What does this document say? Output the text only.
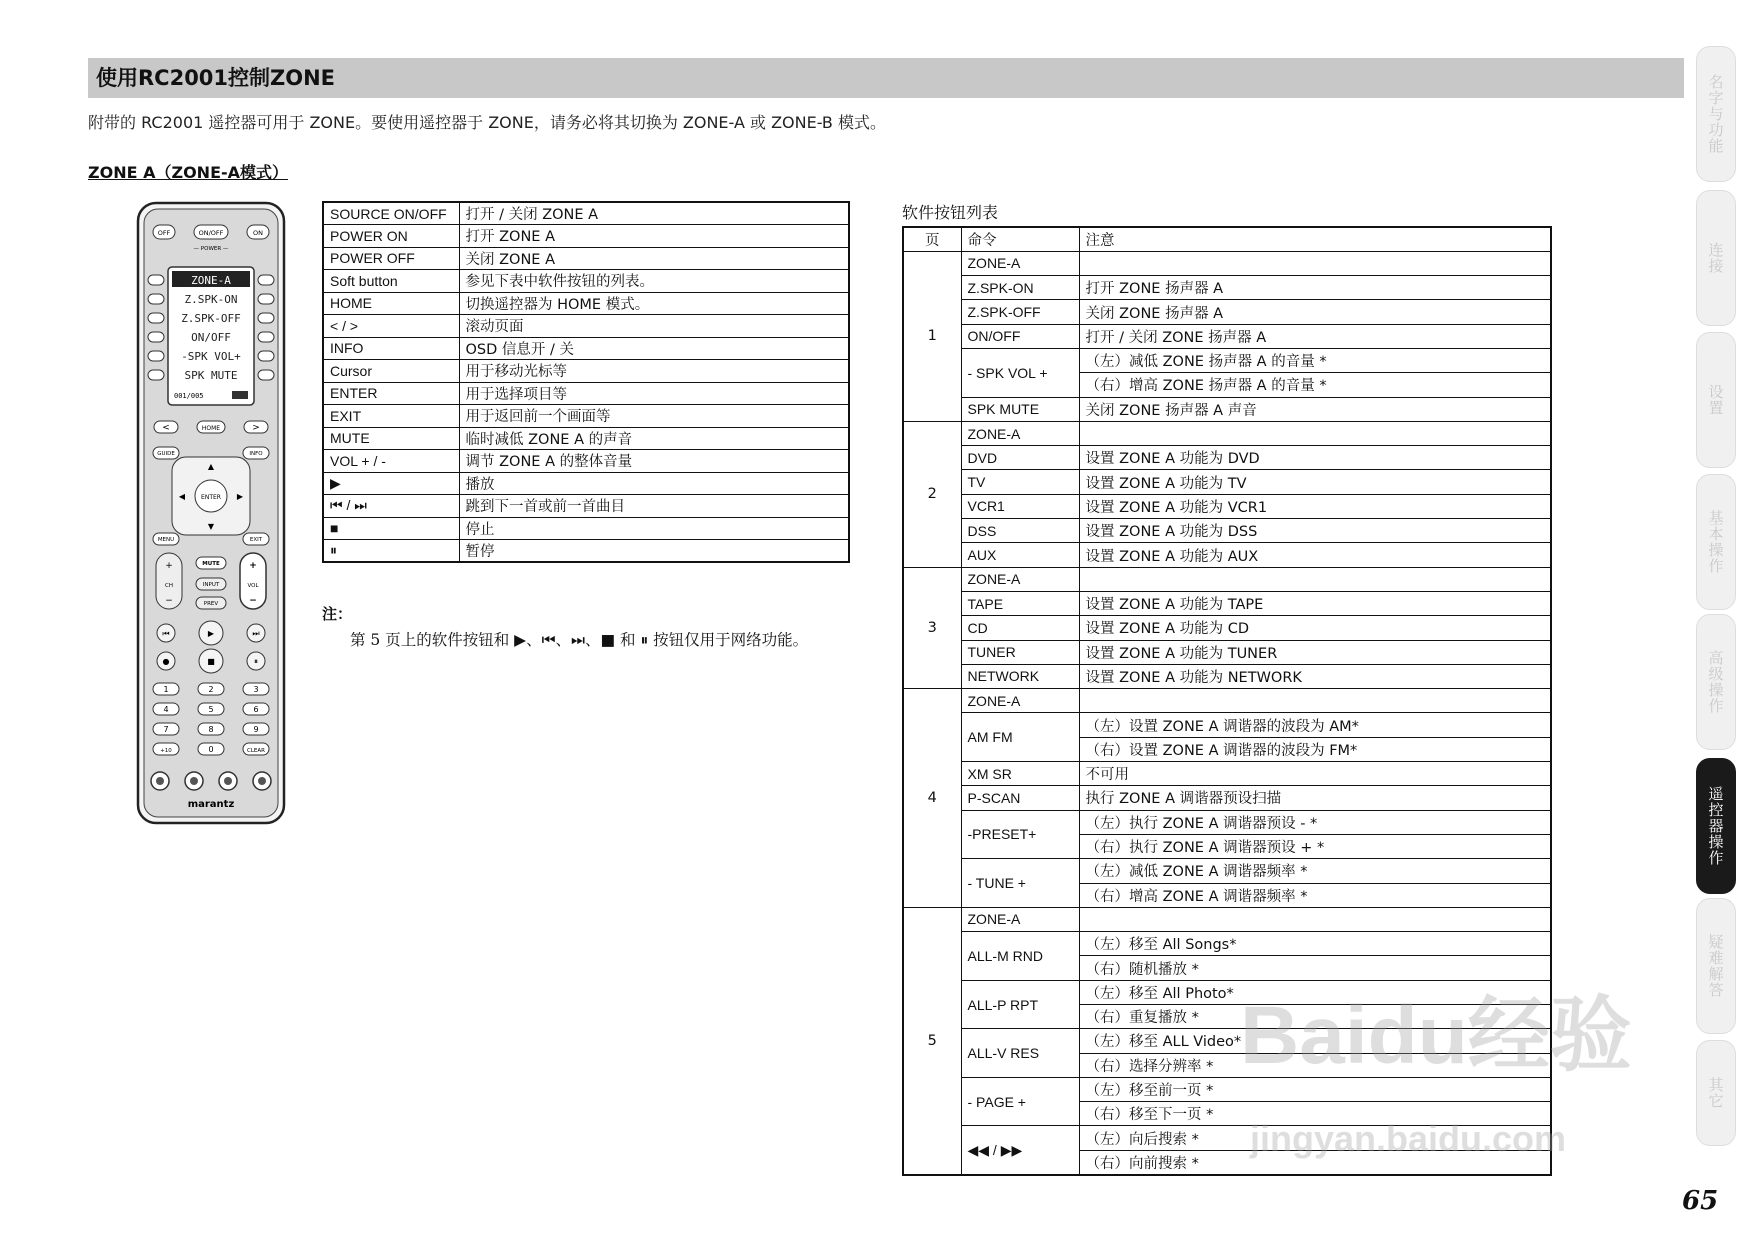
使用RC2001控制ZONE
附带的 RC2001 遥控器可用于 ZONE。要使用遥控器于 ZONE，请务必将其切换为 ZONE-A 或 ZONE-B 模式。
ZONE A（ZONE-A模式）
OFF	ON/OFF	ON
— POWER —
ZONE-A
Z.SPK-ON
Z.SPK-OFF
ON/OFF
-SPK VOL+
SPK MUTE
001/005
<	HOME	>
ENTER
▲
▼
◀	▶
GUIDE	INFO
MENU	EXIT
+
−
+
−
MUTE
INPUT
PREV
CH	VOL
⏮	▶	⏭
●	■	⏸
1	2	3
4	5	6
7	8	9
+10	0	CLEAR
marantz
SOURCE ON/OFF	打开 / 关闭 ZONE A
POWER ON	打开 ZONE A
POWER OFF	关闭 ZONE A
Soft button	参见下表中软件按钮的列表。
HOME	切换遥控器为 HOME 模式。
< / >	滚动页面
INFO	OSD 信息开 / 关
Cursor	用于移动光标等
ENTER	用于选择项目等
EXIT	用于返回前一个画面等
MUTE	临时减低 ZONE A 的声音
VOL + / -	调节 ZONE A 的整体音量
▶	播放
⏮ / ⏭	跳到下一首或前一首曲目
■	停止
⏸	暂停
注：
第 5 页上的软件按钮和 ▶、⏮、⏭、■ 和 ⏸ 按钮仅用于网络功能。
软件按钮列表
页	命令	注意
1	ZONE-A	
	Z.SPK-ON	打开 ZONE 扬声器 A
	Z.SPK-OFF	关闭 ZONE 扬声器 A
	ON/OFF	打开 / 关闭 ZONE 扬声器 A
	- SPK VOL +	（左）减低 ZONE 扬声器 A 的音量 *
		（右）增高 ZONE 扬声器 A 的音量 *
	SPK MUTE	关闭 ZONE 扬声器 A 声音
2	ZONE-A	
	DVD	设置 ZONE A 功能为 DVD
	TV	设置 ZONE A 功能为 TV
	VCR1	设置 ZONE A 功能为 VCR1
	DSS	设置 ZONE A 功能为 DSS
	AUX	设置 ZONE A 功能为 AUX
3	ZONE-A	
	TAPE	设置 ZONE A 功能为 TAPE
	CD	设置 ZONE A 功能为 CD
	TUNER	设置 ZONE A 功能为 TUNER
	NETWORK	设置 ZONE A 功能为 NETWORK
4	ZONE-A	
	AM FM	（左）设置 ZONE A 调谐器的波段为 AM*
		（右）设置 ZONE A 调谐器的波段为 FM*
	XM SR	不可用
	P-SCAN	执行 ZONE A 调谐器预设扫描
	-PRESET+	（左）执行 ZONE A 调谐器预设 - *
		（右）执行 ZONE A 调谐器预设 + *
	- TUNE +	（左）减低 ZONE A 调谐器频率 *
		（右）增高 ZONE A 调谐器频率 *
5	ZONE-A	
	ALL-M RND	（左）移至 All Songs*
		（右）随机播放 *
	ALL-P RPT	（左）移至 All Photo*
		（右）重复播放 *
	ALL-V RES	（左）移至 ALL Video*
		（右）选择分辨率 *
	- PAGE +	（左）移至前一页 *
		（右）移至下一页 *
	◀◀ / ▶▶	（左）向后搜索 *
		（右）向前搜索 *
名字与功能
连接
设置
基本操作
高级操作
遥控器操作
疑难解答
其它
Baidu经验
jingyan.baidu.com
65
